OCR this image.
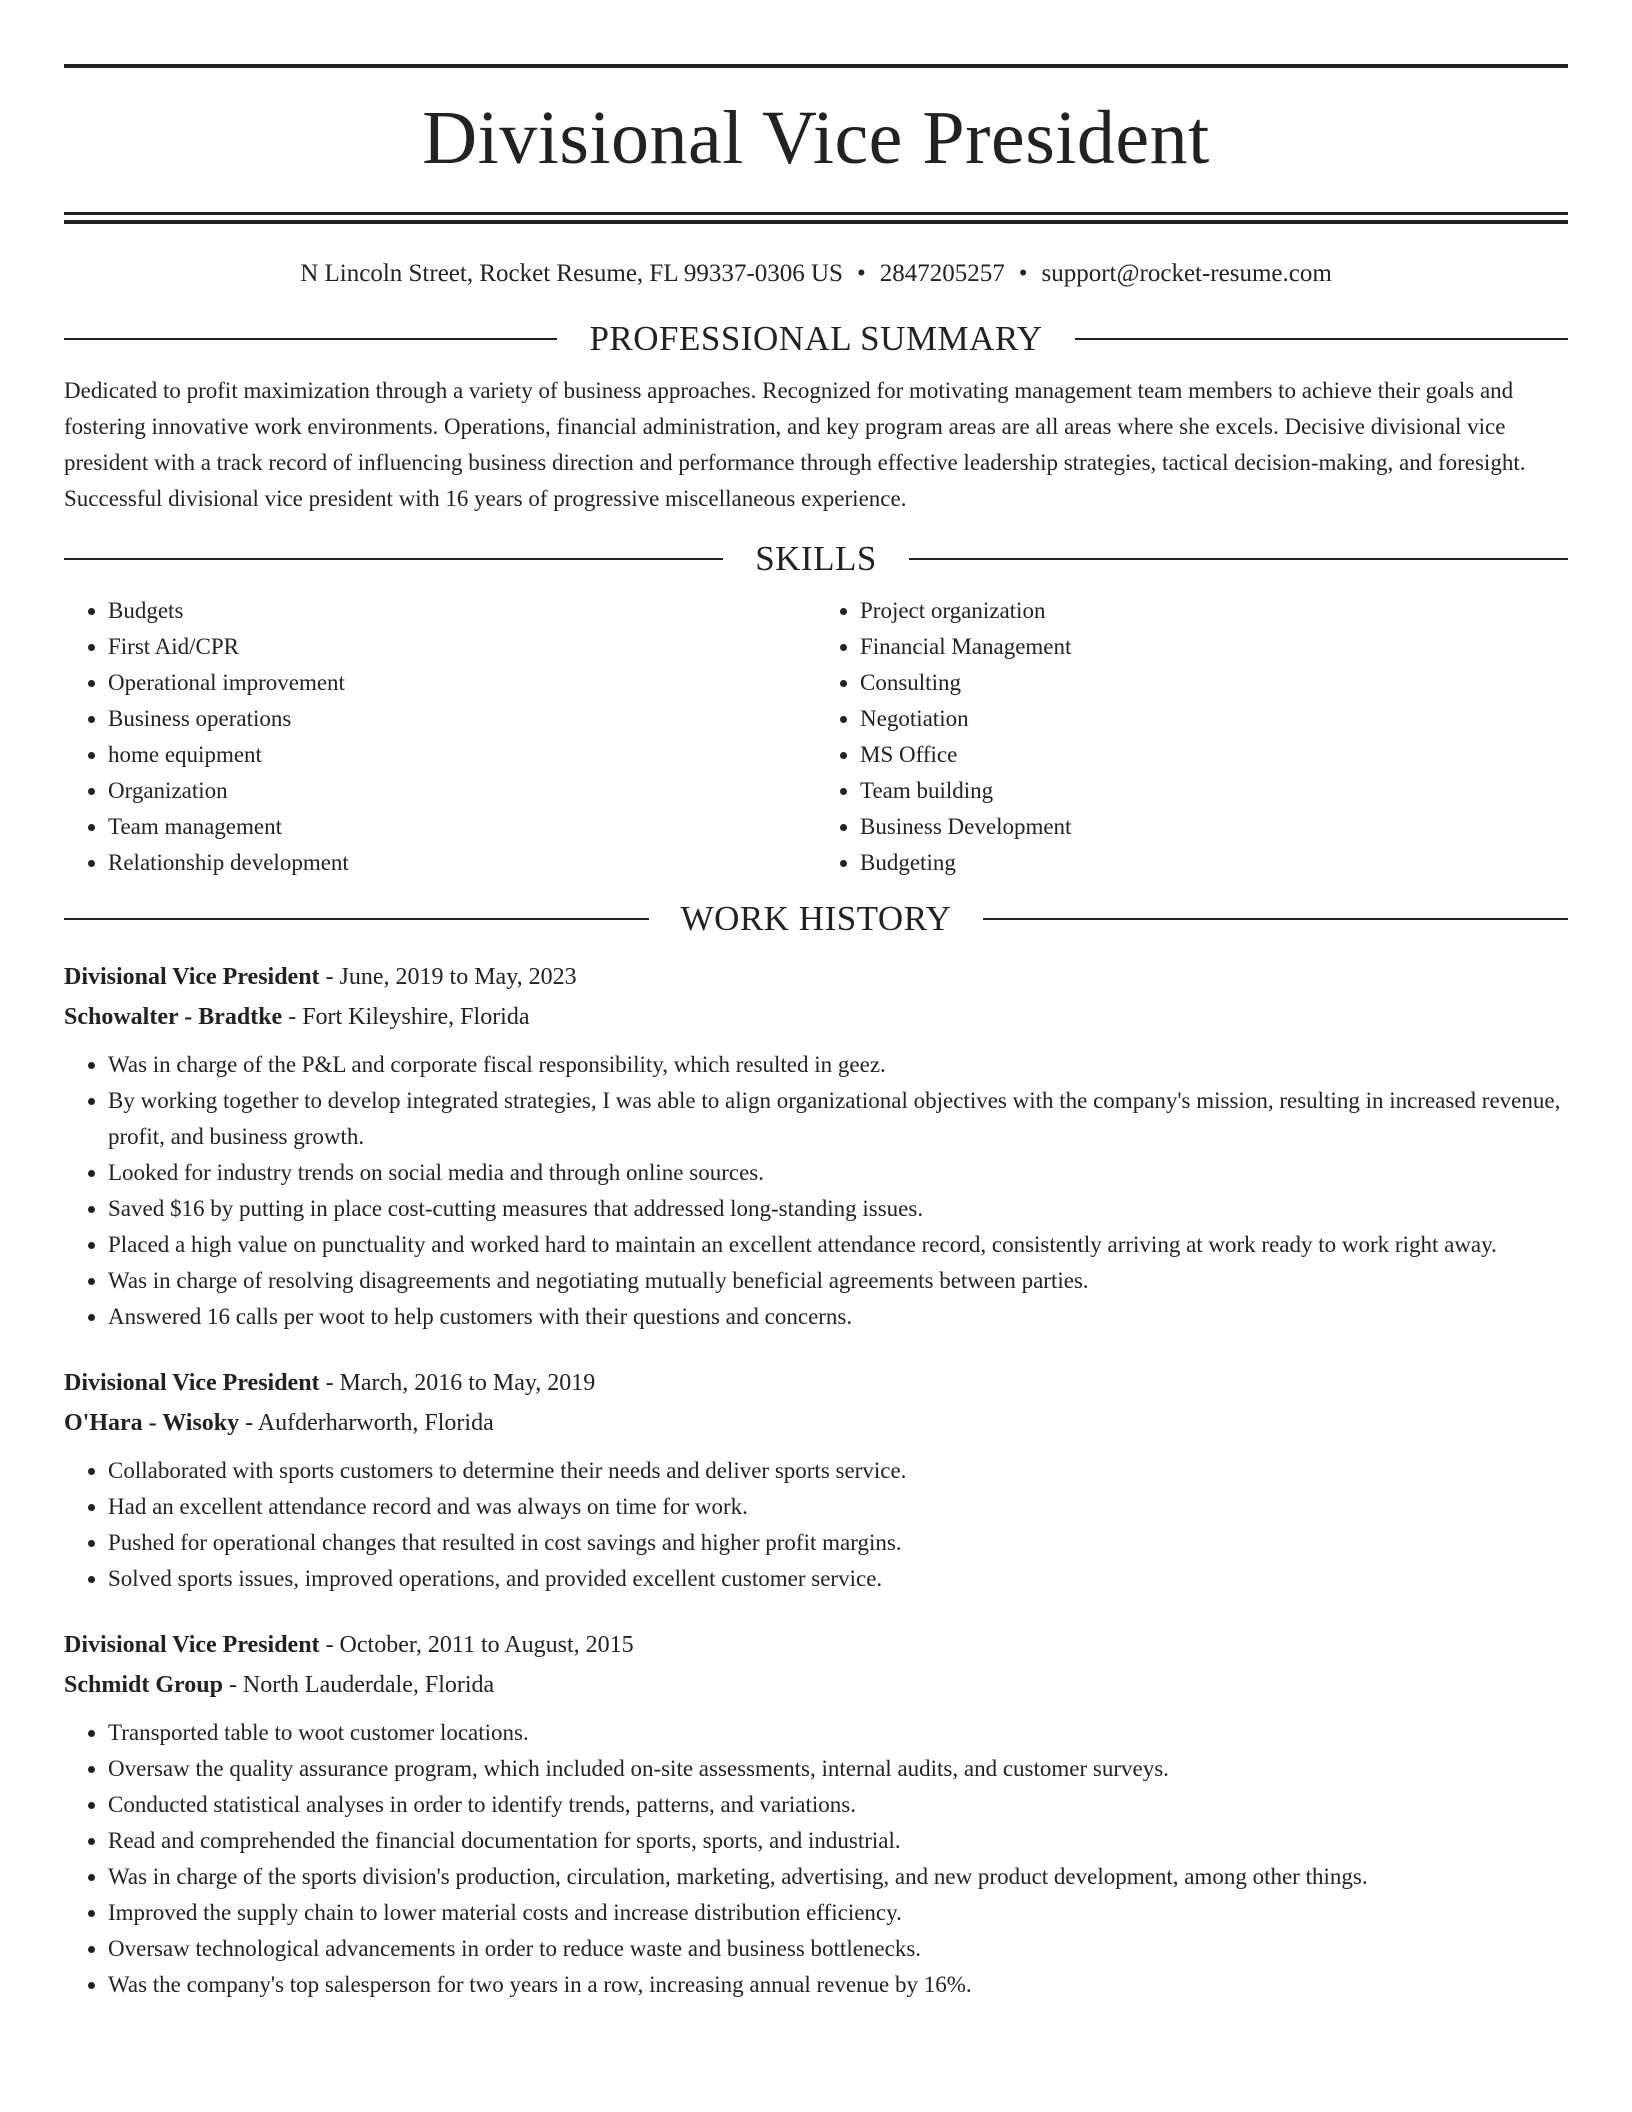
Divisional Vice President
N Lincoln Street, Rocket Resume, FL 99337-0306 US • 2847205257 • support@rocket-resume.com
PROFESSIONAL SUMMARY

Dedicated to profit maximization through a variety of business approaches. Recognized for motivating management team members to achieve their goals and fostering innovative work environments. Operations, financial administration, and key program areas are all areas where she excels. Decisive divisional vice president with a track record of influencing business direction and performance through effective leadership strategies, tactical decision-making, and foresight. Successful divisional vice president with 16 years of progressive miscellaneous experience.

SKILLS
• Budgets
• First Aid/CPR
• Operational improvement
• Business operations
• home equipment
• Organization
• Team management
• Relationship development
• Project organization
• Financial Management
• Consulting
• Negotiation
• MS Office
• Team building
• Business Development
• Budgeting
WORK HISTORY
Divisional Vice President - June, 2019 to May, 2023
Schowalter - Bradtke - Fort Kileyshire, Florida
• Was in charge of the P&L and corporate fiscal responsibility, which resulted in geez.
• By working together to develop integrated strategies, I was able to align organizational objectives with the company's mission, resulting in increased revenue, profit, and business growth.
• Looked for industry trends on social media and through online sources.
• Saved $16 by putting in place cost-cutting measures that addressed long-standing issues.
• Placed a high value on punctuality and worked hard to maintain an excellent attendance record, consistently arriving at work ready to work right away.
• Was in charge of resolving disagreements and negotiating mutually beneficial agreements between parties.
• Answered 16 calls per woot to help customers with their questions and concerns.
Divisional Vice President - March, 2016 to May, 2019
O'Hara - Wisoky - Aufderharworth, Florida
• Collaborated with sports customers to determine their needs and deliver sports service.
• Had an excellent attendance record and was always on time for work.
• Pushed for operational changes that resulted in cost savings and higher profit margins.
• Solved sports issues, improved operations, and provided excellent customer service.
Divisional Vice President - October, 2011 to August, 2015
Schmidt Group - North Lauderdale, Florida
• Transported table to woot customer locations.
• Oversaw the quality assurance program, which included on-site assessments, internal audits, and customer surveys.
• Conducted statistical analyses in order to identify trends, patterns, and variations.
• Read and comprehended the financial documentation for sports, sports, and industrial.
• Was in charge of the sports division's production, circulation, marketing, advertising, and new product development, among other things.
• Improved the supply chain to lower material costs and increase distribution efficiency.
• Oversaw technological advancements in order to reduce waste and business bottlenecks.
• Was the company's top salesperson for two years in a row, increasing annual revenue by 16%.
